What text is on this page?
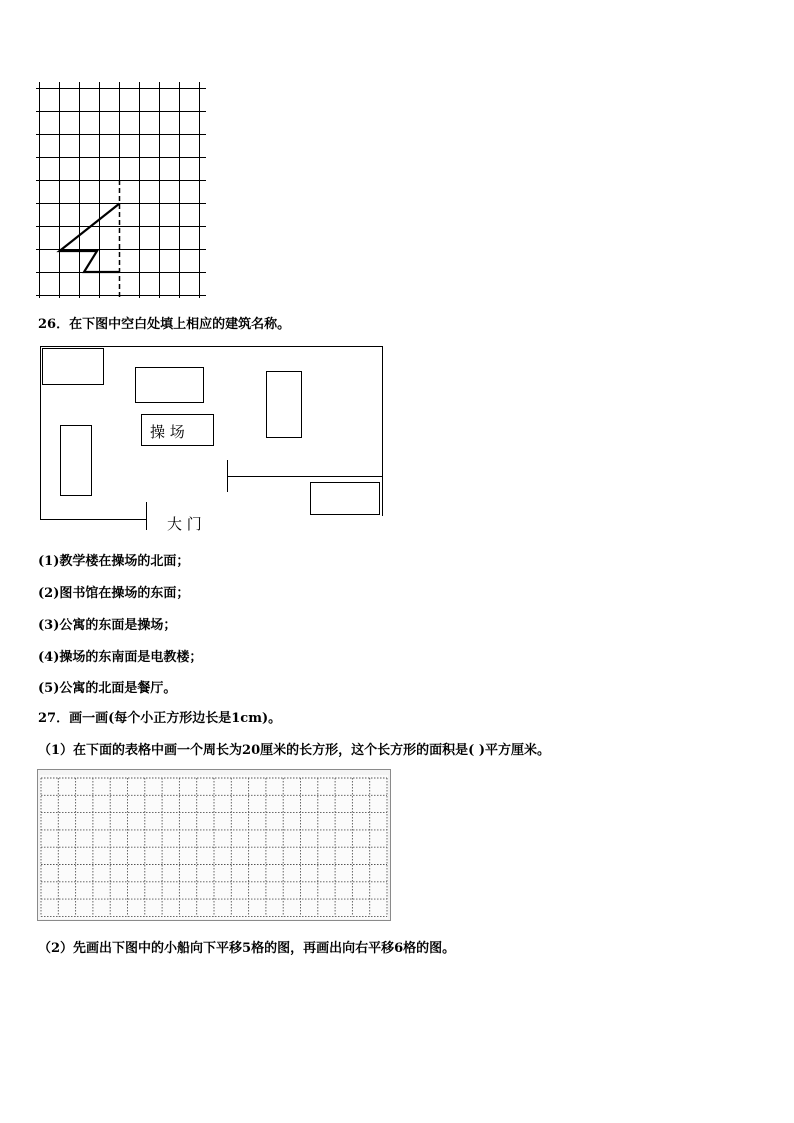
26．在下图中空白处填上相应的建筑名称。
操 场
大 门
(1)教学楼在操场的北面；
(2)图书馆在操场的东面；
(3)公寓的东面是操场；
(4)操场的东南面是电教楼；
(5)公寓的北面是餐厅。
27．画一画(每个小正方形边长是1cm)。
（1）在下面的表格中画一个周长为20厘米的长方形，这个长方形的面积是( )平方厘米。
（2）先画出下图中的小船向下平移5格的图，再画出向右平移6格的图。
